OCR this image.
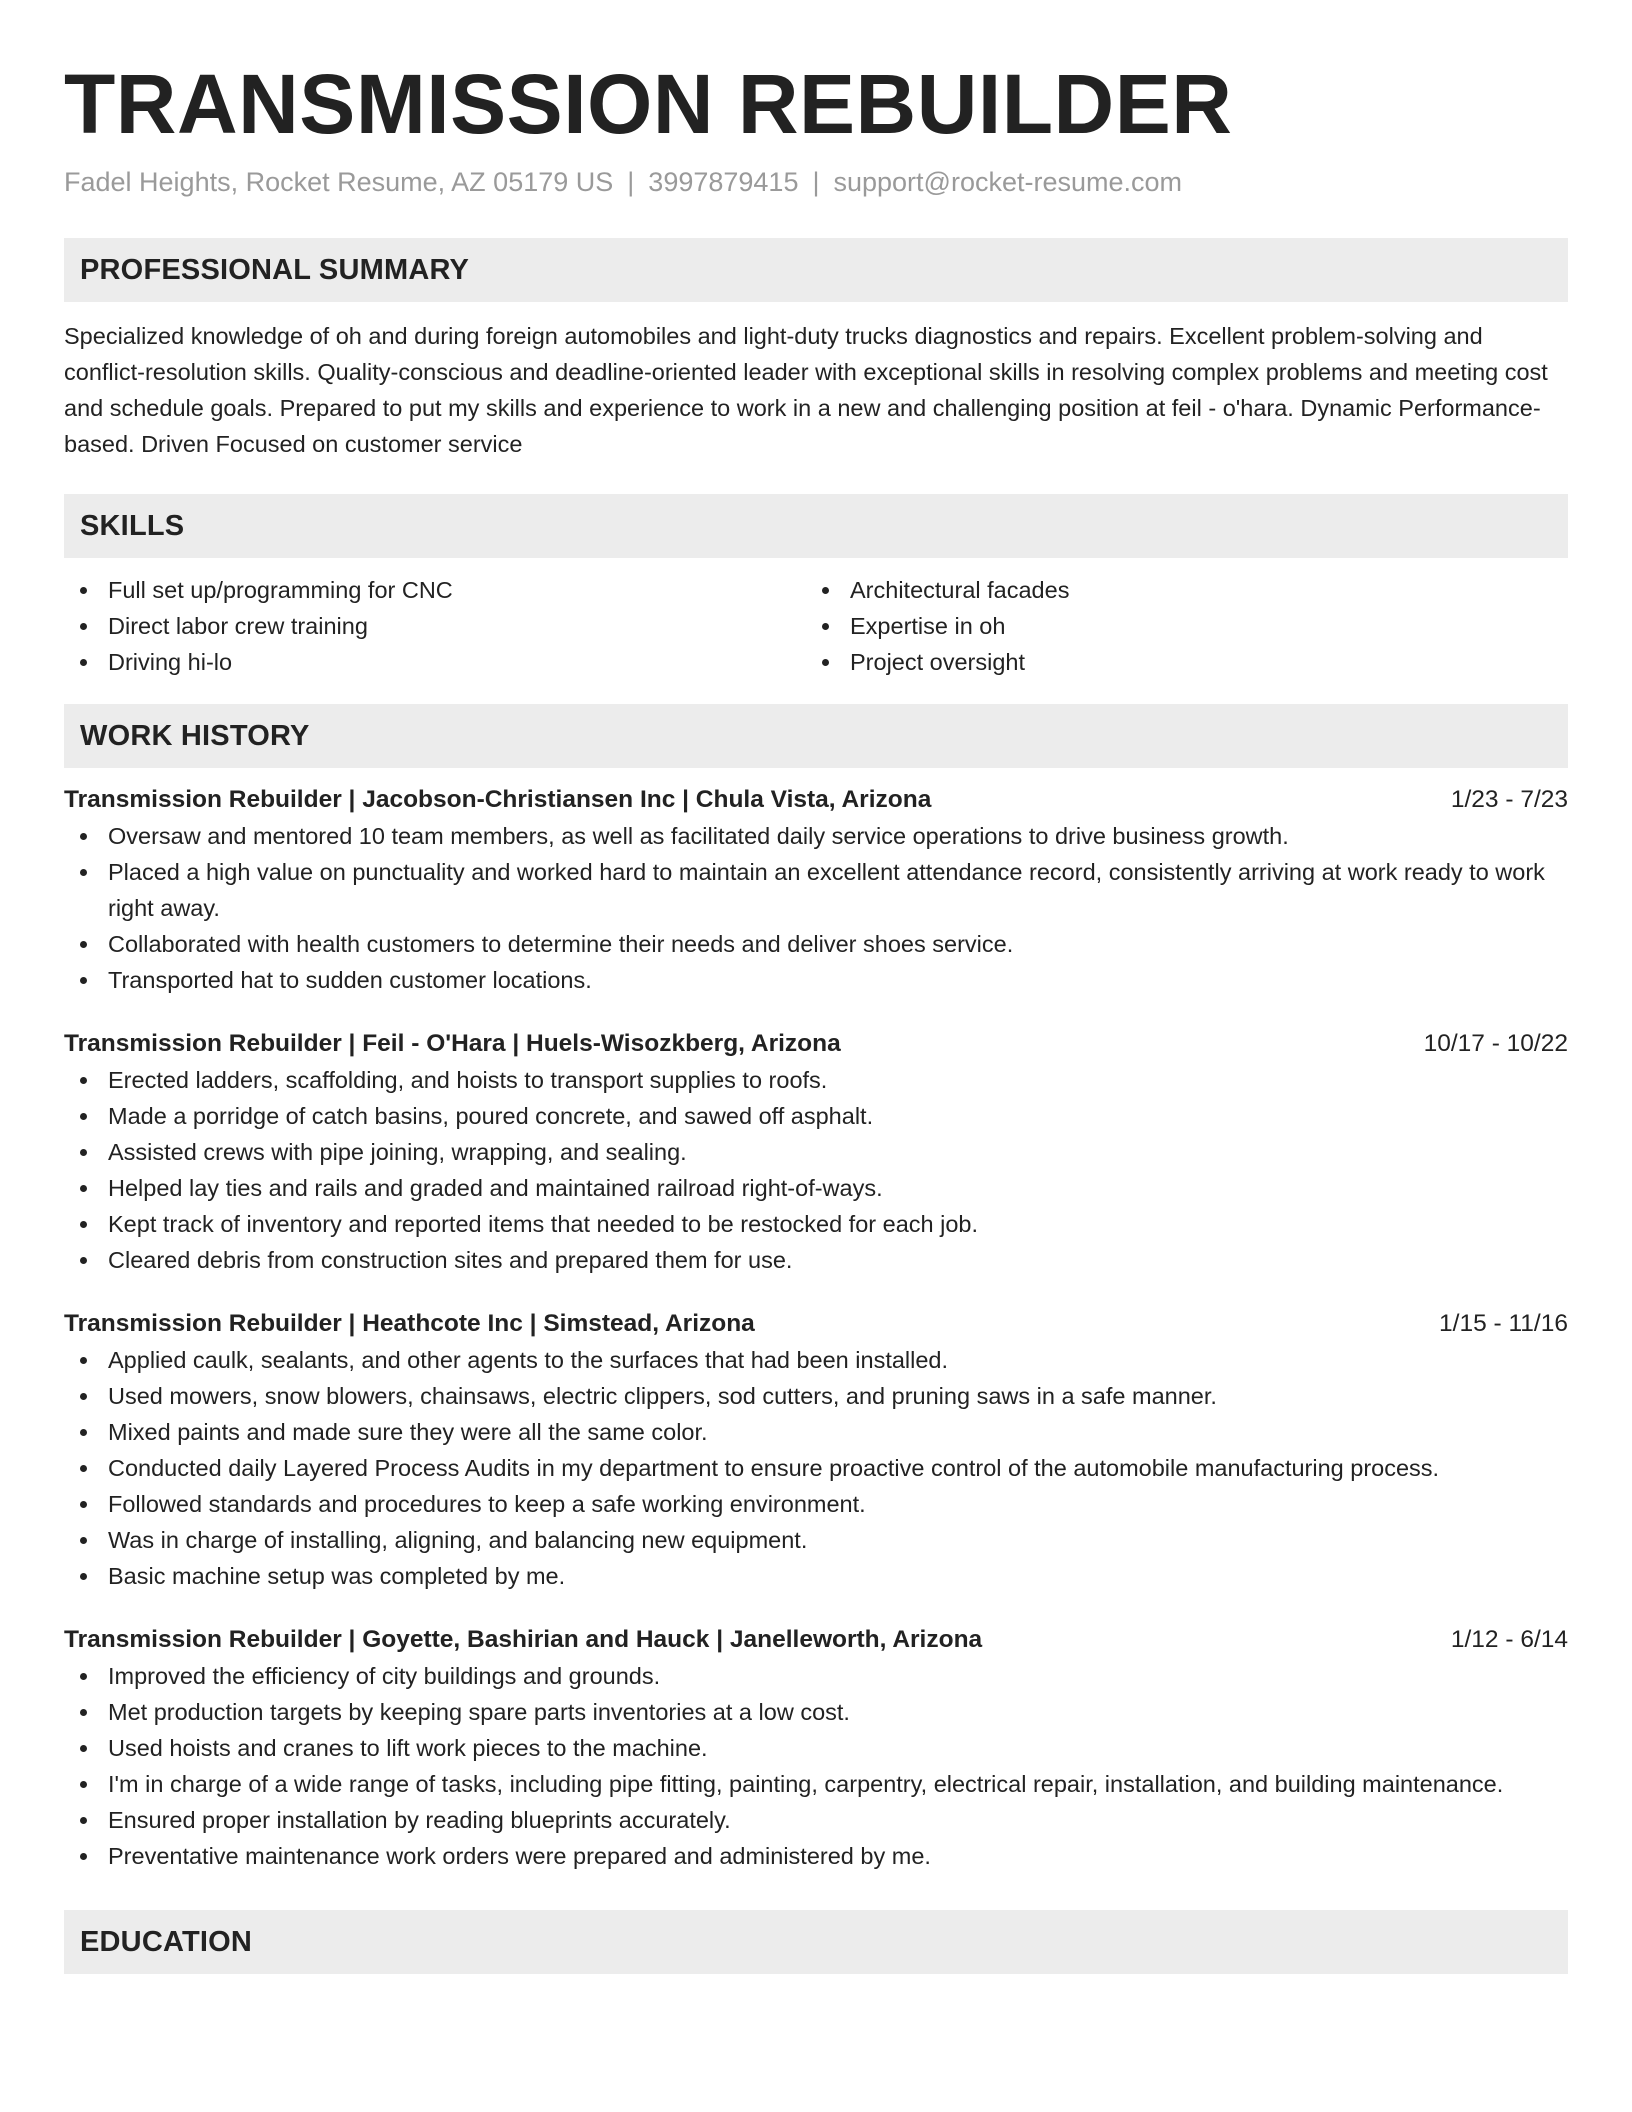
TRANSMISSION REBUILDER
Fadel Heights, Rocket Resume, AZ 05179 US | 3997879415 | support@rocket-resume.com
PROFESSIONAL SUMMARY

Specialized knowledge of oh and during foreign automobiles and light-duty trucks diagnostics and repairs. Excellent problem-solving and conflict-resolution skills. Quality-conscious and deadline-oriented leader with exceptional skills in resolving complex problems and meeting cost and schedule goals. Prepared to put my skills and experience to work in a new and challenging position at feil - o'hara. Dynamic Performance-based. Driven Focused on customer service

SKILLS
Full set up/programming for CNC
Direct labor crew training
Driving hi-lo
Architectural facades
Expertise in oh
Project oversight
WORK HISTORY
Transmission Rebuilder | Jacobson-Christiansen Inc | Chula Vista, Arizona	1/23 - 7/23
Oversaw and mentored 10 team members, as well as facilitated daily service operations to drive business growth.
Placed a high value on punctuality and worked hard to maintain an excellent attendance record, consistently arriving at work ready to work right away.
Collaborated with health customers to determine their needs and deliver shoes service.
Transported hat to sudden customer locations.
Transmission Rebuilder | Feil - O'Hara | Huels-Wisozkberg, Arizona	10/17 - 10/22
Erected ladders, scaffolding, and hoists to transport supplies to roofs.
Made a porridge of catch basins, poured concrete, and sawed off asphalt.
Assisted crews with pipe joining, wrapping, and sealing.
Helped lay ties and rails and graded and maintained railroad right-of-ways.
Kept track of inventory and reported items that needed to be restocked for each job.
Cleared debris from construction sites and prepared them for use.
Transmission Rebuilder | Heathcote Inc | Simstead, Arizona	1/15 - 11/16
Applied caulk, sealants, and other agents to the surfaces that had been installed.
Used mowers, snow blowers, chainsaws, electric clippers, sod cutters, and pruning saws in a safe manner.
Mixed paints and made sure they were all the same color.
Conducted daily Layered Process Audits in my department to ensure proactive control of the automobile manufacturing process.
Followed standards and procedures to keep a safe working environment.
Was in charge of installing, aligning, and balancing new equipment.
Basic machine setup was completed by me.
Transmission Rebuilder | Goyette, Bashirian and Hauck | Janelleworth, Arizona	1/12 - 6/14
Improved the efficiency of city buildings and grounds.
Met production targets by keeping spare parts inventories at a low cost.
Used hoists and cranes to lift work pieces to the machine.
I'm in charge of a wide range of tasks, including pipe fitting, painting, carpentry, electrical repair, installation, and building maintenance.
Ensured proper installation by reading blueprints accurately.
Preventative maintenance work orders were prepared and administered by me.
EDUCATION
